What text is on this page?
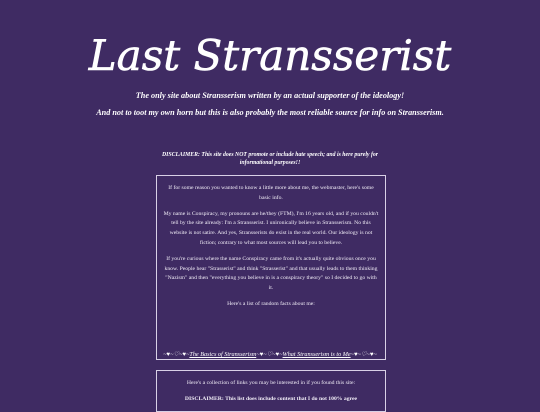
Last Stransserist
The only site about Stransserism written by an actual supporter of the ideology!
And not to toot my own horn but this is also probably the most reliable source for info on Stransserism.
DISCLAIMER: This site does NOT promote or include hate speech; and is here purely for informational purposes!!

If for some reason you wanted to know a little more about me, the webmaster, here's some basic info.

My name is Conspiracy, my pronouns are he/they (FTM), I'm 16 years old, and if you couldn't tell by the site already: I'm a Stransserist. I unironically believe in Stransserism. No this website is not satire. And yes, Stransserists do exist in the real world. Our ideology is not fiction; contrary to what most sources will lead you to believe.

If you're curious where the name Conspiracy came from it's actually quite obvious once you know. People hear "Strasserist" and think "Strasserist" and that usually leads to them thinking "Nazism" and then "everything you believe in is a conspiracy theory" so I decided to go with it.

Here's a list of random facts about me:

~♥~♡~♥~The Basics of Stransserism~♥~♡~♥~What Stransserism is to Me~♥~♡~♥~

Here's a collection of links you may be interested in if you found this site:

DISCLAIMER: This list does include content that I do not 100% agree
